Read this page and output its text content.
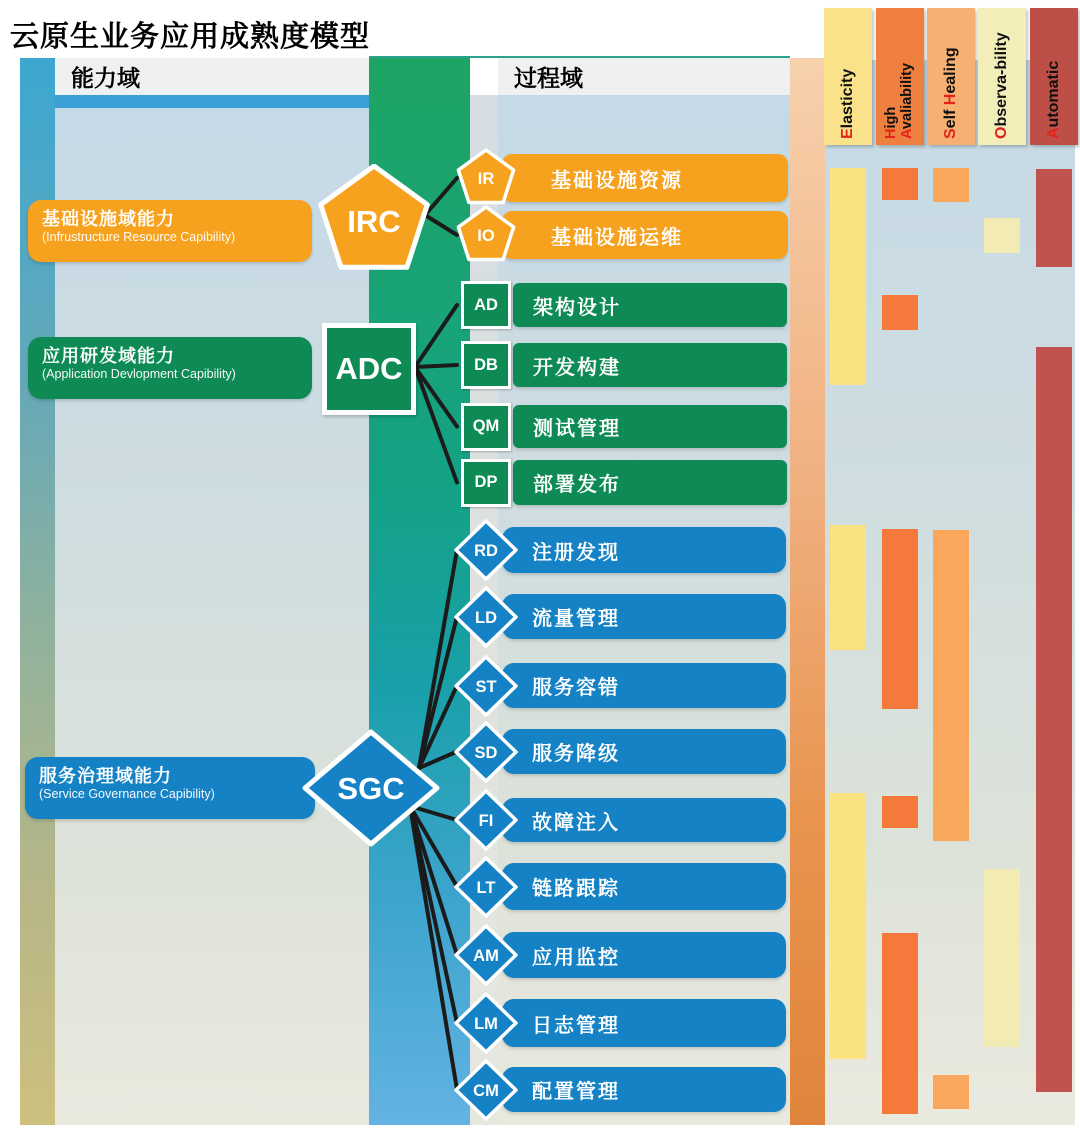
云原生业务应用成熟度模型
能力域	过程域
基础设施域能力
(Infrustructure Resource Capibility)
应用研发域能力
(Application Devlopment Capibility)
服务治理域能力
(Service Governance Capibility)
IRC
ADC
SGC
基础设施资源
基础设施运维
架构设计
开发构建
测试管理
部署发布
注册发现
流量管理
服务容错
服务降级
故障注入
链路跟踪
应用监控
日志管理
配置管理
IR
IO
AD
DB
QM
DP
RD
LD
ST
SD
FI
LT
AM
LM
CM
Elasticity
High
Avaliability
Self Healing
Observa-bility
Automatic
